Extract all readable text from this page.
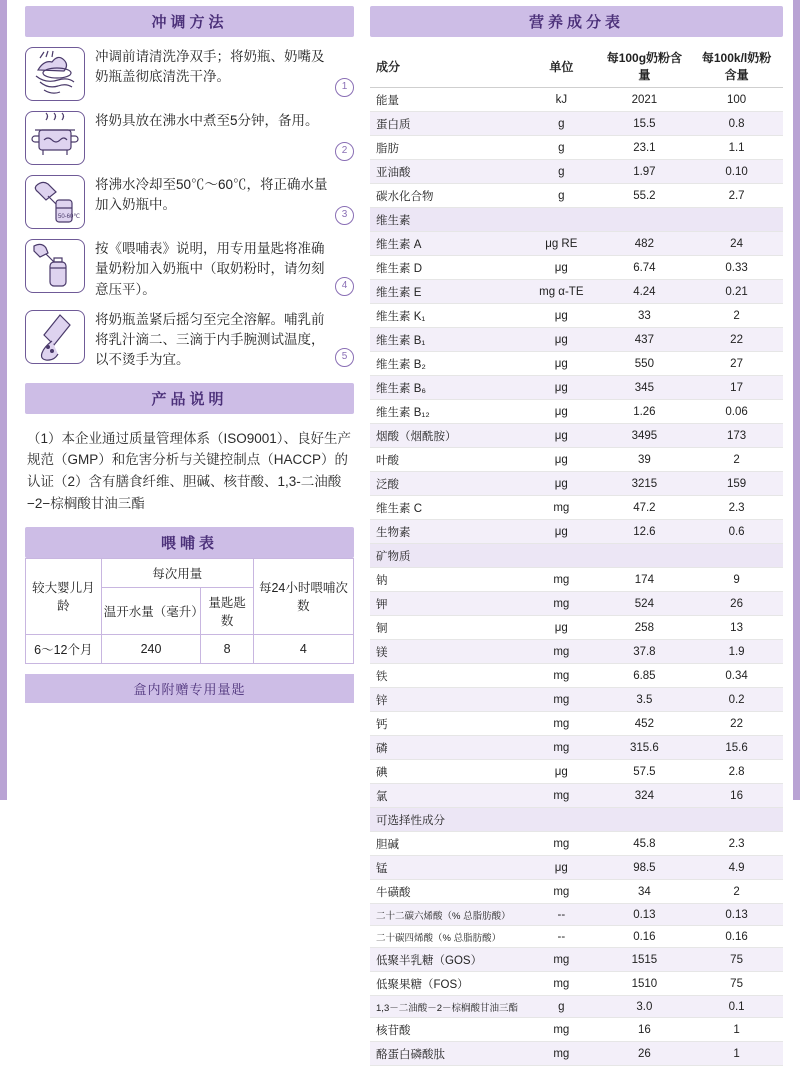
冲调方法
冲调前请清洗净双手；将奶瓶、奶嘴及奶瓶盖彻底清洗干净。
1
将奶具放在沸水中煮至5分钟，备用。
2
50-60℃
将沸水冷却至50℃～60℃，将正确水量加入奶瓶中。
3
按《喂哺表》说明，用专用量匙将准确量奶粉加入奶瓶中（取奶粉时，请勿刻意压平）。	4
将奶瓶盖紧后摇匀至完全溶解。哺乳前将乳汁滴二、三滴于内手腕测试温度，以不烫手为宜。	5
产品说明
（1）本企业通过质量管理体系（ISO9001）、良好生产规范（GMP）和危害分析与关键控制点（HACCP）的认证（2）含有膳食纤维、胆碱、核苷酸、1,3-二油酸−2−棕榈酸甘油三酯
喂哺表
较大婴儿月龄	每次用量		每24小时喂哺次数
	温开水量（毫升）	量匙匙数	
6～12个月	240	8	4
盒内附赠专用量匙
营养成分表
成分	单位	每100g奶粉含量	每100k/l奶粉含量
能量	kJ	2021	100
蛋白质	g	15.5	0.8
脂肪	g	23.1	1.1
亚油酸	g	1.97	0.10
碳水化合物	g	55.2	2.7
维生素			
维生素 A	μg RE	482	24
维生素 D	μg	6.74	0.33
维生素 E	mg α-TE	4.24	0.21
维生素 K₁	μg	33	2
维生素 B₁	μg	437	22
维生素 B₂	μg	550	27
维生素 B₆	μg	345	17
维生素 B₁₂	μg	1.26	0.06
烟酸（烟酰胺）	μg	3495	173
叶酸	μg	39	2
泛酸	μg	3215	159
维生素 C	mg	47.2	2.3
生物素	μg	12.6	0.6
矿物质			
钠	mg	174	9
钾	mg	524	26
铜	μg	258	13
镁	mg	37.8	1.9
铁	mg	6.85	0.34
锌	mg	3.5	0.2
钙	mg	452	22
磷	mg	315.6	15.6
碘	μg	57.5	2.8
氯	mg	324	16
可选择性成分			
胆碱	mg	45.8	2.3
锰	μg	98.5	4.9
牛磺酸	mg	34	2
二十二碳六烯酸（% 总脂肪酸）	--	0.13	0.13
二十碳四烯酸（% 总脂肪酸）	--	0.16	0.16
低聚半乳糖（GOS）	mg	1515	75
低聚果糖（FOS）	mg	1510	75
1,3－二油酸－2－棕榈酸甘油三酯	g	3.0	0.1
核苷酸	mg	16	1
酪蛋白磷酸肽	mg	26	1
